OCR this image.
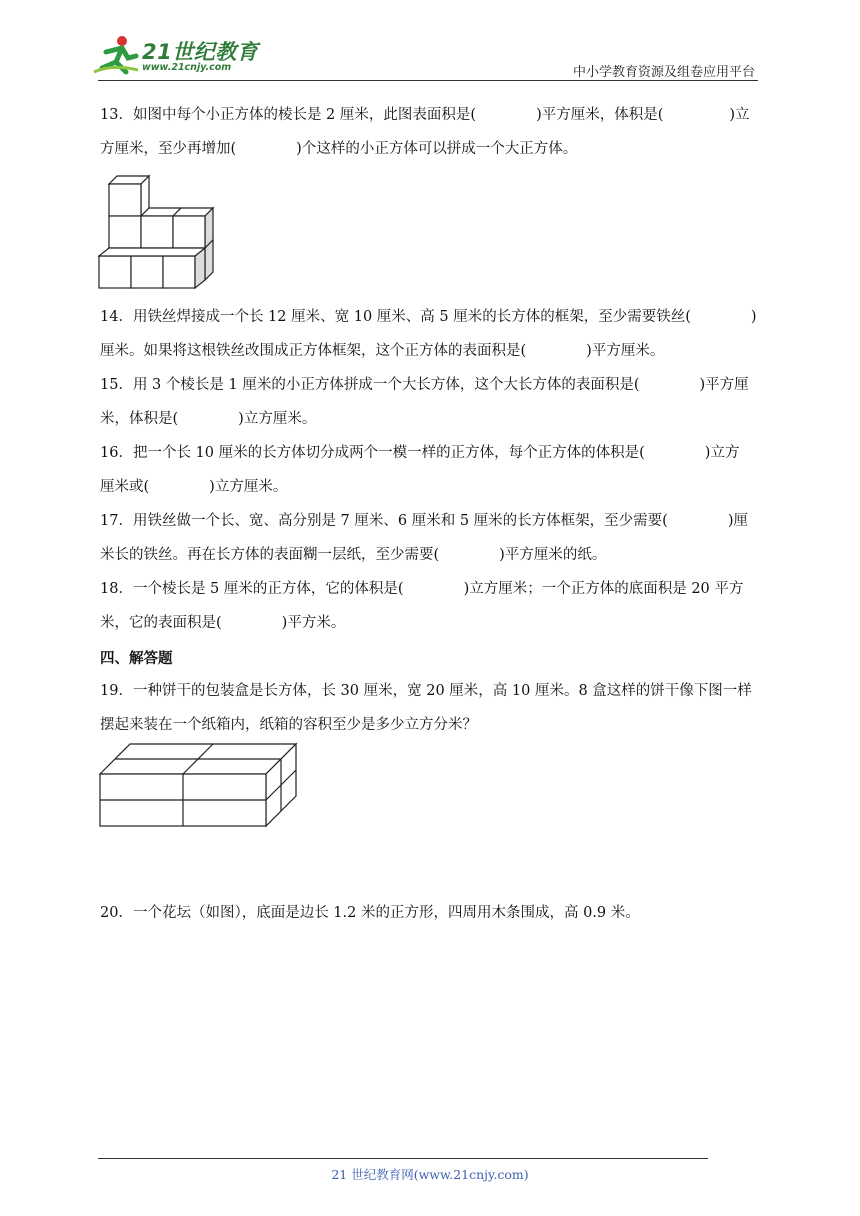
21世纪教育
www.21cnjy.com	中小学教育资源及组卷应用平台
13．如图中每个小正方体的棱长是 2 厘米，此图表面积是(	)平方厘米，体积是(	)立
方厘米，至少再增加(	)个这样的小正方体可以拼成一个大正方体。
14．用铁丝焊接成一个长 12 厘米、宽 10 厘米、高 5 厘米的长方体的框架，至少需要铁丝(	)
厘米。如果将这根铁丝改围成正方体框架，这个正方体的表面积是(	)平方厘米。
15．用 3 个棱长是 1 厘米的小正方体拼成一个大长方体，这个大长方体的表面积是(	)平方厘
米，体积是(	)立方厘米。
16．把一个长 10 厘米的长方体切分成两个一模一样的正方体，每个正方体的体积是(	)立方
厘米或(	)立方厘米。
17．用铁丝做一个长、宽、高分别是 7 厘米、6 厘米和 5 厘米的长方体框架，至少需要(	)厘
米长的铁丝。再在长方体的表面糊一层纸，至少需要(	)平方厘米的纸。
18．一个棱长是 5 厘米的正方体，它的体积是(	)立方厘米；一个正方体的底面积是 20 平方
米，它的表面积是(	)平方米。
四、解答题
19．一种饼干的包装盒是长方体，长 30 厘米，宽 20 厘米，高 10 厘米。8 盒这样的饼干像下图一样
摆起来装在一个纸箱内，纸箱的容积至少是多少立方分米？
20．一个花坛（如图），底面是边长 1.2 米的正方形，四周用木条围成，高 0.9 米。
21 世纪教育网(www.21cnjy.com)
